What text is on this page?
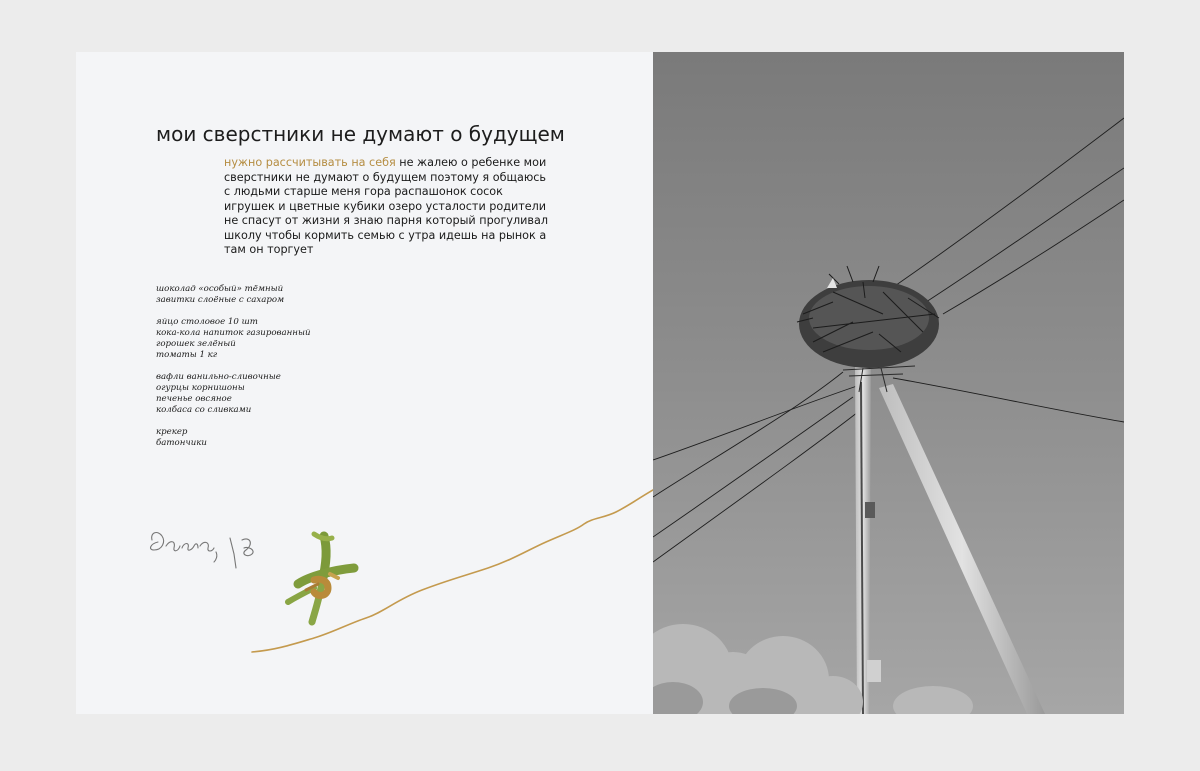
мои сверстники не думают о будущем

нужно рассчитывать на себя не жалею о ребенке мои сверстники не думают о будущем поэтому я общаюсь с людьми старше меня гора распашонок сосок игрушек и цветные кубики озеро усталости родители не спасут от жизни я знаю парня который прогуливал школу чтобы кормить семью с утра идешь на рынок а там он торгует

шоколад «особый» тёмный
завитки слоёные с сахаром
яйцо столовое 10 шт
кока-кола напиток газированный
горошек зелёный
томаты 1 кг
вафли ванильно-сливочные
огурцы корнишоны
печенье овсяное
колбаса со сливками
крекер
батончики
